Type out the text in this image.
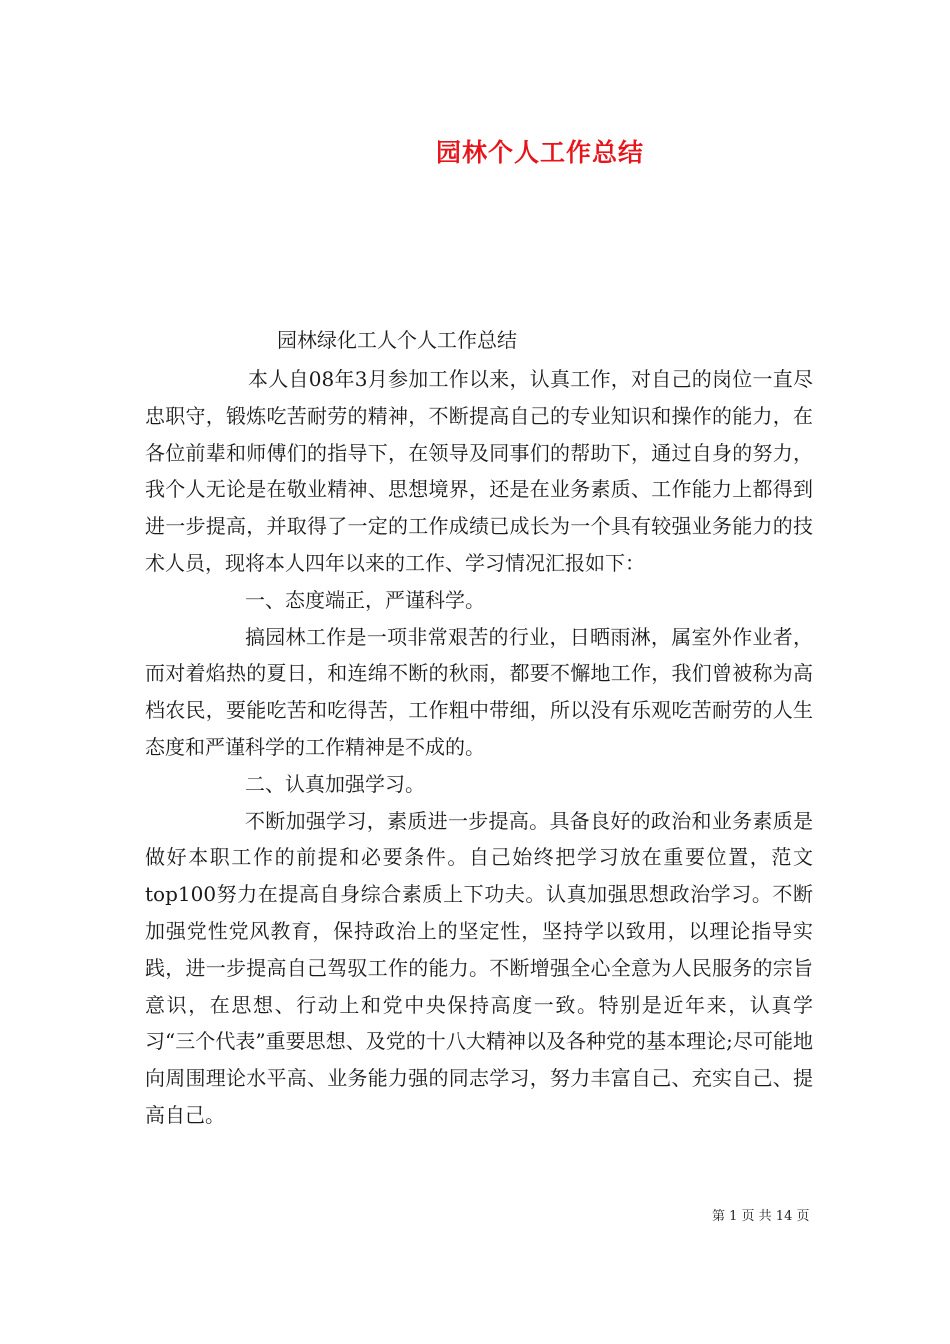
园林个人工作总结
园林绿化工人个人工作总结

本人自08年3月参加工作以来，认真工作，对自己的岗位一直尽忠职守，锻炼吃苦耐劳的精神，不断提高自己的专业知识和操作的能力，在各位前辈和师傅们的指导下，在领导及同事们的帮助下，通过自身的努力，我个人无论是在敬业精神、思想境界，还是在业务素质、工作能力上都得到进一步提高，并取得了一定的工作成绩已成长为一个具有较强业务能力的技术人员，现将本人四年以来的工作、学习情况汇报如下：

一、态度端正，严谨科学。

搞园林工作是一项非常艰苦的行业，日晒雨淋，属室外作业者，而对着焰热的夏日，和连绵不断的秋雨，都要不懈地工作，我们曾被称为高档农民，要能吃苦和吃得苦，工作粗中带细，所以没有乐观吃苦耐劳的人生态度和严谨科学的工作精神是不成的。

二、认真加强学习。

不断加强学习，素质进一步提高。具备良好的政治和业务素质是做好本职工作的前提和必要条件。自己始终把学习放在重要位置，范文top100努力在提高自身综合素质上下功夫。认真加强思想政治学习。不断加强党性党风教育，保持政治上的坚定性，坚持学以致用，以理论指导实践，进一步提高自己驾驭工作的能力。不断增强全心全意为人民服务的宗旨意识，在思想、行动上和党中央保持高度一致。特别是近年来，认真学习“三个代表”重要思想、及党的十八大精神以及各种党的基本理论;尽可能地向周围理论水平高、业务能力强的同志学习，努力丰富自己、充实自己、提高自己。

第 1 页 共 14 页
